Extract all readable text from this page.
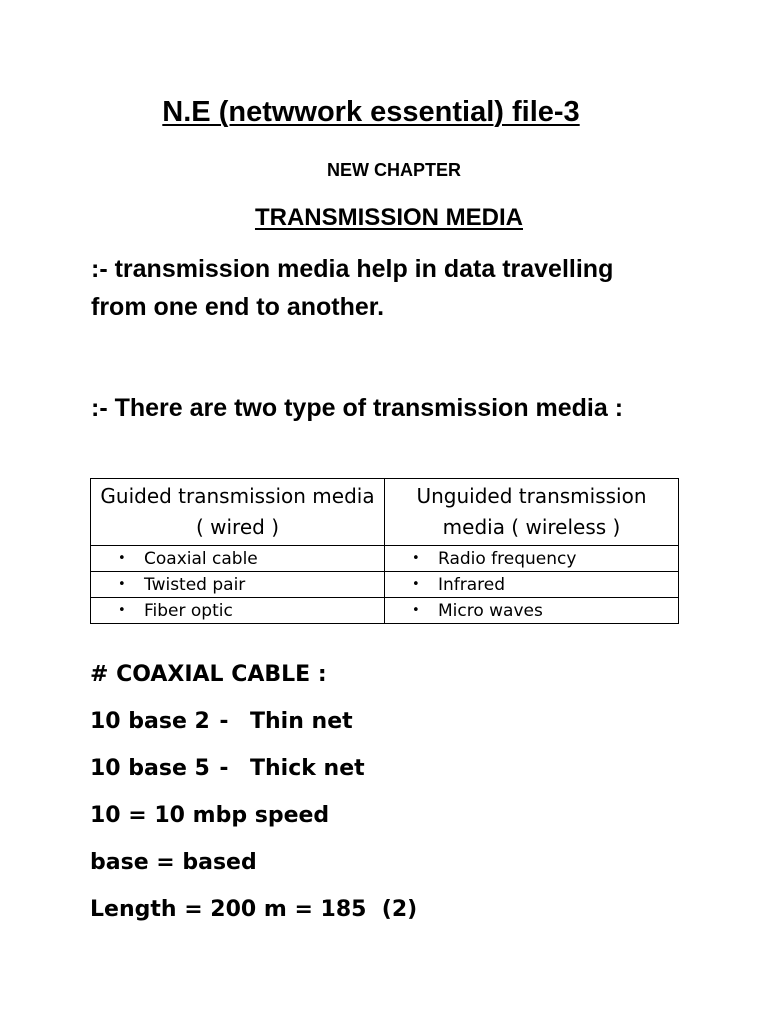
N.E (netwwork essential) file-3
NEW CHAPTER
TRANSMISSION MEDIA

:- transmission media help in data travelling from one end to another.

:- There are two type of transmission media :

Guided transmission media ( wired )	Unguided transmission media ( wireless )
• Coaxial cable	• Radio frequency
• Twisted pair	• Infrared
• Fiber optic	• Micro waves
# COAXIAL CABLE :
10 base 2 - Thin net
10 base 5 - Thick net
10 = 10 mbp speed
base = based
Length = 200 m = 185  (2)
